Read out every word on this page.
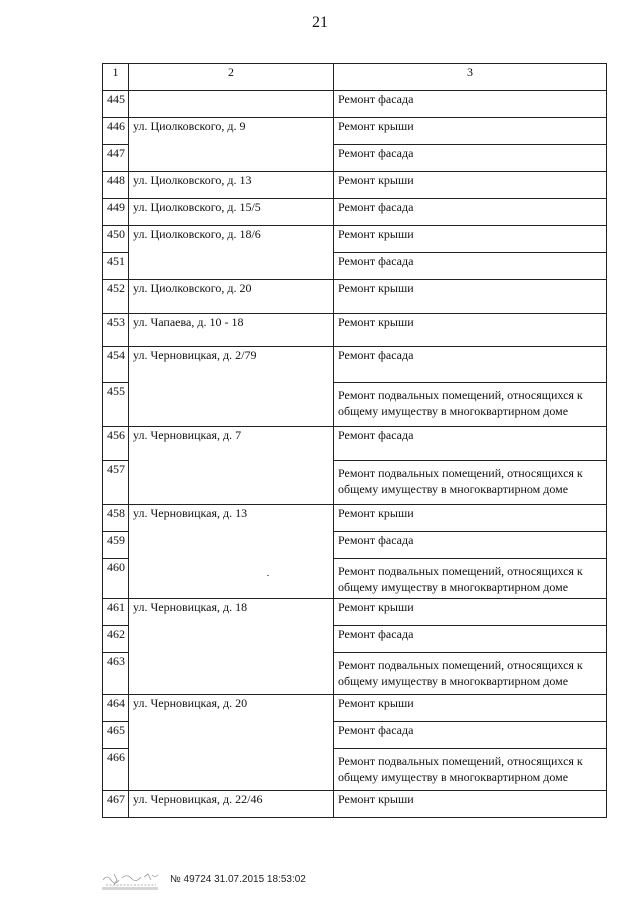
21
1	2	3
445		Ремонт фасада
446	ул. Циолковского, д. 9	Ремонт крыши
447		Ремонт фасада
448	ул. Циолковского, д. 13	Ремонт крыши
449	ул. Циолковского, д. 15/5	Ремонт фасада
450	ул. Циолковского, д. 18/6	Ремонт крыши
451		Ремонт фасада
452	ул. Циолковского, д. 20	Ремонт крыши
453	ул. Чапаева, д. 10 - 18	Ремонт крыши
454	ул. Черновицкая, д. 2/79	Ремонт фасада
455		Ремонт подвальных помещений, относящихся к общему имуществу в многоквартирном доме
456	ул. Черновицкая, д. 7	Ремонт фасада
457		Ремонт подвальных помещений, относящихся к общему имуществу в многоквартирном доме
458	ул. Черновицкая, д. 13	Ремонт крыши
459		Ремонт фасада
460		Ремонт подвальных помещений, относящихся к общему имуществу в многоквартирном доме
461	ул. Черновицкая, д. 18	Ремонт крыши
462		Ремонт фасада
463		Ремонт подвальных помещений, относящихся к общему имуществу в многоквартирном доме
464	ул. Черновицкая, д. 20	Ремонт крыши
465		Ремонт фасада
466		Ремонт подвальных помещений, относящихся к общему имуществу в многоквартирном доме
467	ул. Черновицкая, д. 22/46	Ремонт крыши
№ 49724 31.07.2015 18:53:02
